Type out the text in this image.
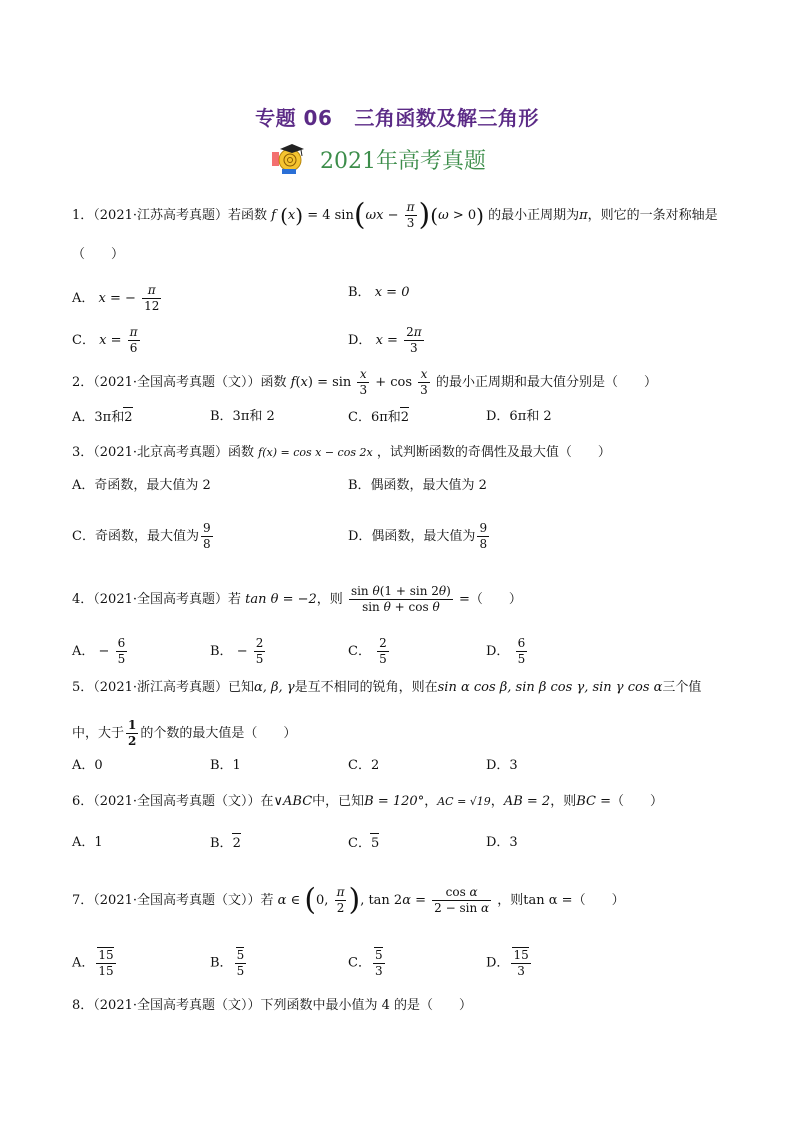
专题 06 三角函数及解三角形
2021年高考真题
1．（2021·江苏高考真题）若函数 f (x) = 4 $\sin(\omega x - \frac{\pi}{3} )(\omega > 0)$ 的最小正周期为π，则它的一条对称轴是
（　　）
A． x = − $\frac{\pi}{12}$	B． x = 0
C． $x = \frac{\pi}{6}$	D． $x = \frac{2\pi}{3}$
2．（2021·全国高考真题（文））函数 $f(x) = \sin \frac{x}{3} + \cos \frac{x}{3}$ 的最小正周期和最大值分别是（　　）
A．3π和2	B．3π和 2	C．6π和2	D．6π和 2
3．（2021·北京高考真题）函数 f(x) = cos x − cos 2x ，试判断函数的奇偶性及最大值（　　）
A．奇函数，最大值为 2	B．偶函数，最大值为 2
C．奇函数，最大值为 $\frac{9}{8}$	D．偶函数，最大值为 $\frac{9}{8}$
4．（2021·全国高考真题）若 tan θ = −2，则 $\frac{\text{sin θ(1 + sin 2θ)}}{\text{sin θ + cos θ}}$ =（　　）
A． − $\frac{6}{5}$	B． − $\frac{2}{5}$	C． $\frac{2}{5}$	D． $\frac{6}{5}$
5．（2021·浙江高考真题）已知α, β, γ是互不相同的锐角，则在sin α cos β, sin β cos γ, sin γ cos α三个值
中，大于 $\frac{1}{2}$ 的个数的最大值是（　　）
A．0	B．1	C．2	D．3
6．（2021·全国高考真题（文））在∨ABC中，已知B = 120°，AC = √19，AB = 2，则BC =（　　）
A．1	B．2	C．5	D．3
7．（2021·全国高考真题（文））若 α ∈ (0, $\frac{\pi}{2}$ ), $\tan 2\alpha = \frac{\text{cos α}}{\text{2 − sin α}}$ ，则tan α =（　　）
A． $\frac{15}{15}$	B． $\frac{5}{5}$	C． $\frac{5}{3}$	D． $\frac{15}{3}$
8．（2021·全国高考真题（文））下列函数中最小值为 4 的是（　　）
